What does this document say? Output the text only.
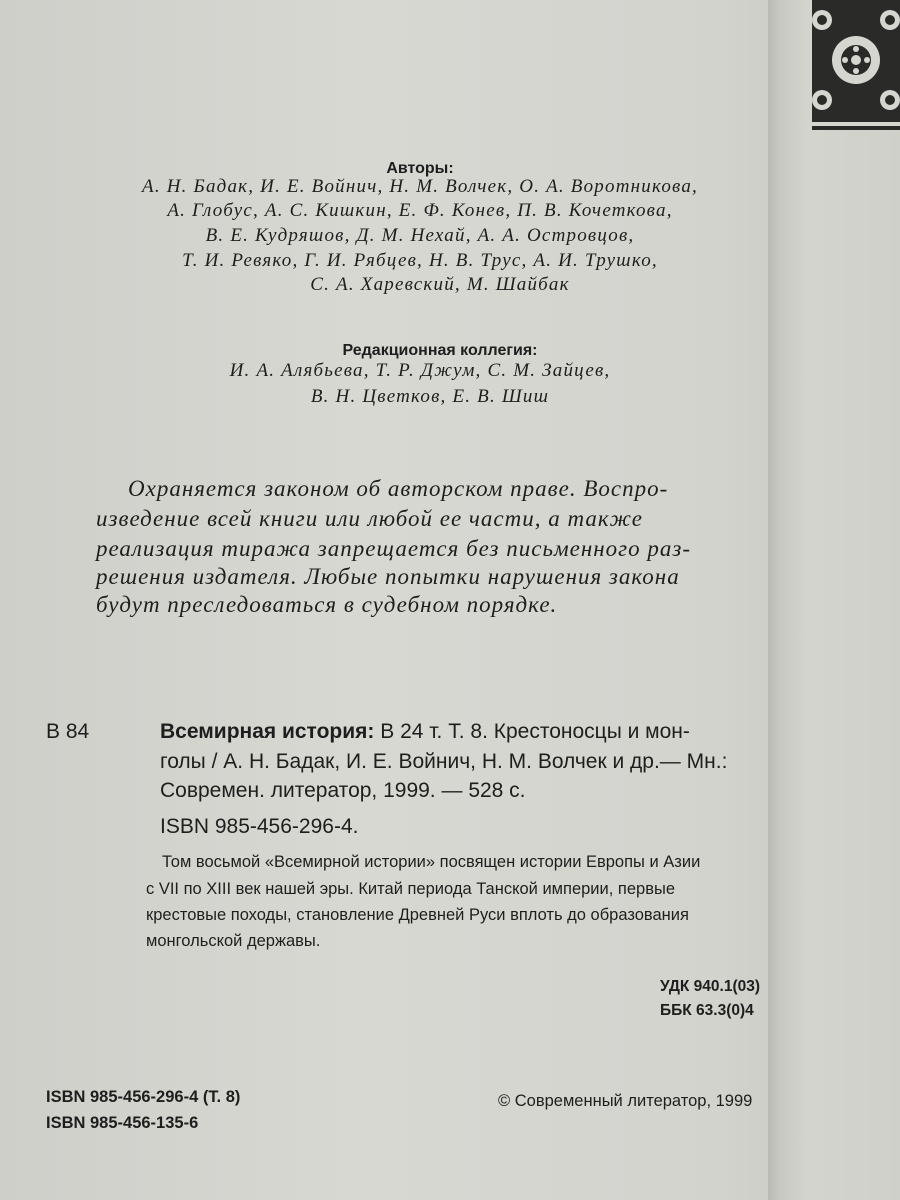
Авторы:
А. Н. Бадак, И. Е. Войнич, Н. М. Волчек, О. А. Воротникова,
А. Глобус, А. С. Кишкин, Е. Ф. Конев, П. В. Кочеткова,
В. Е. Кудряшов, Д. М. Нехай, А. А. Островцов,
Т. И. Ревяко, Г. И. Рябцев, Н. В. Трус, А. И. Трушко,
С. А. Харевский, М. Шайбак
Редакционная коллегия:
И. А. Алябьева, Т. Р. Джум, С. М. Зайцев,
В. Н. Цветков, Е. В. Шиш
Охраняется законом об авторском праве. Воспро-
изведение всей книги или любой ее части, а также
реализация тиража запрещается без письменного раз-
решения издателя. Любые попытки нарушения закона
будут преследоваться в судебном порядке.
В 84	Всемирная история: В 24 т. Т. 8. Крестоносцы и мон-
голы / А. Н. Бадак, И. Е. Войнич, Н. М. Волчек и др.— Мн.:
Современ. литератор, 1999. — 528 с.
ISBN 985-456-296-4.
Том восьмой «Всемирной истории» посвящен истории Европы и Азии
с VII по XIII век нашей эры. Китай периода Танской империи, первые
крестовые походы, становление Древней Руси вплоть до образования
монгольской державы.
УДК 940.1(03)
ББК 63.3(0)4
ISBN 985-456-296-4 (Т. 8)
ISBN 985-456-135-6
© Современный литератор, 1999
